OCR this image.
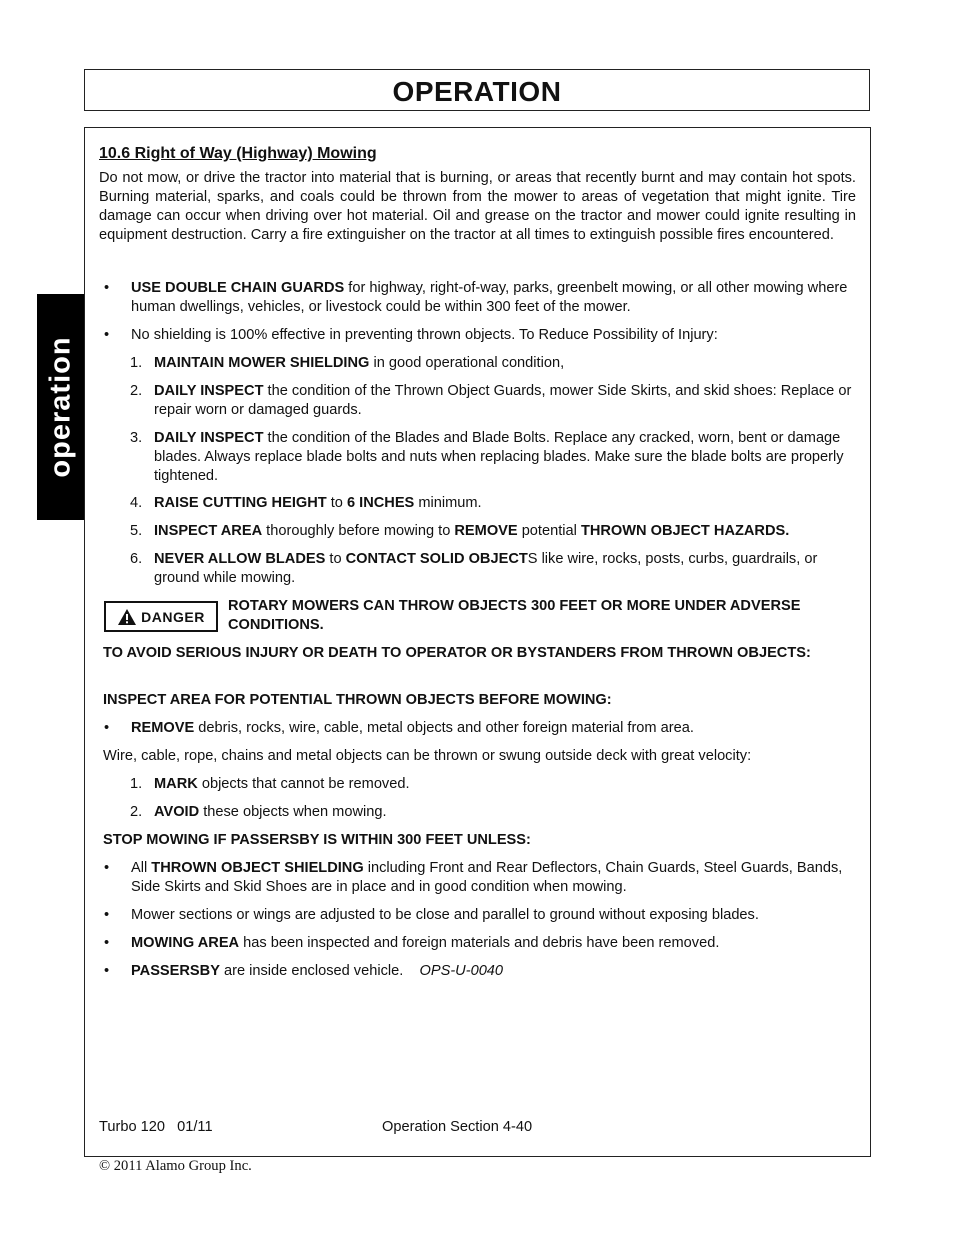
OPERATION
operation
10.6 Right of Way (Highway) Mowing
Do not mow, or drive the tractor into material that is burning, or areas that recently burnt and may contain hot spots. Burning material, sparks, and coals could be thrown from the mower to areas of vegetation that might ignite. Tire damage can occur when driving over hot material. Oil and grease on the tractor and mower could ignite resulting in equipment destruction. Carry a fire extinguisher on the tractor at all times to extinguish possible fires encountered.
• USE DOUBLE CHAIN GUARDS for highway, right-of-way, parks, greenbelt mowing, or all other mowing where human dwellings, vehicles, or livestock could be within 300 feet of the mower.
• No shielding is 100% effective in preventing thrown objects. To Reduce Possibility of Injury:
1. MAINTAIN MOWER SHIELDING in good operational condition,
2. DAILY INSPECT the condition of the Thrown Object Guards, mower Side Skirts, and skid shoes: Replace or repair worn or damaged guards.
3. DAILY INSPECT the condition of the Blades and Blade Bolts. Replace any cracked, worn, bent or damage blades. Always replace blade bolts and nuts when replacing blades. Make sure the blade bolts are properly tightened.
4. RAISE CUTTING HEIGHT to 6 INCHES minimum.
5. INSPECT AREA thoroughly before mowing to REMOVE potential THROWN OBJECT HAZARDS.
6. NEVER ALLOW BLADES to CONTACT SOLID OBJECTS like wire, rocks, posts, curbs, guardrails, or ground while mowing.
DANGER
ROTARY MOWERS CAN THROW OBJECTS 300 FEET OR MORE UNDER ADVERSE CONDITIONS.
TO AVOID SERIOUS INJURY OR DEATH TO OPERATOR OR BYSTANDERS FROM THROWN OBJECTS:
INSPECT AREA FOR POTENTIAL THROWN OBJECTS BEFORE MOWING:
• REMOVE debris, rocks, wire, cable, metal objects and other foreign material from area.
Wire, cable, rope, chains and metal objects can be thrown or swung outside deck with great velocity:
1. MARK objects that cannot be removed.
2. AVOID these objects when mowing.
STOP MOWING IF PASSERSBY IS WITHIN 300 FEET UNLESS:
• All THROWN OBJECT SHIELDING including Front and Rear Deflectors, Chain Guards, Steel Guards, Bands, Side Skirts and Skid Shoes are in place and in good condition when mowing.
• Mower sections or wings are adjusted to be close and parallel to ground without exposing blades.
• MOWING AREA has been inspected and foreign materials and debris have been removed.
• PASSERSBY are inside enclosed vehicle.    OPS-U-0040
Turbo 120   01/11	Operation Section 4-40
© 2011 Alamo Group Inc.
